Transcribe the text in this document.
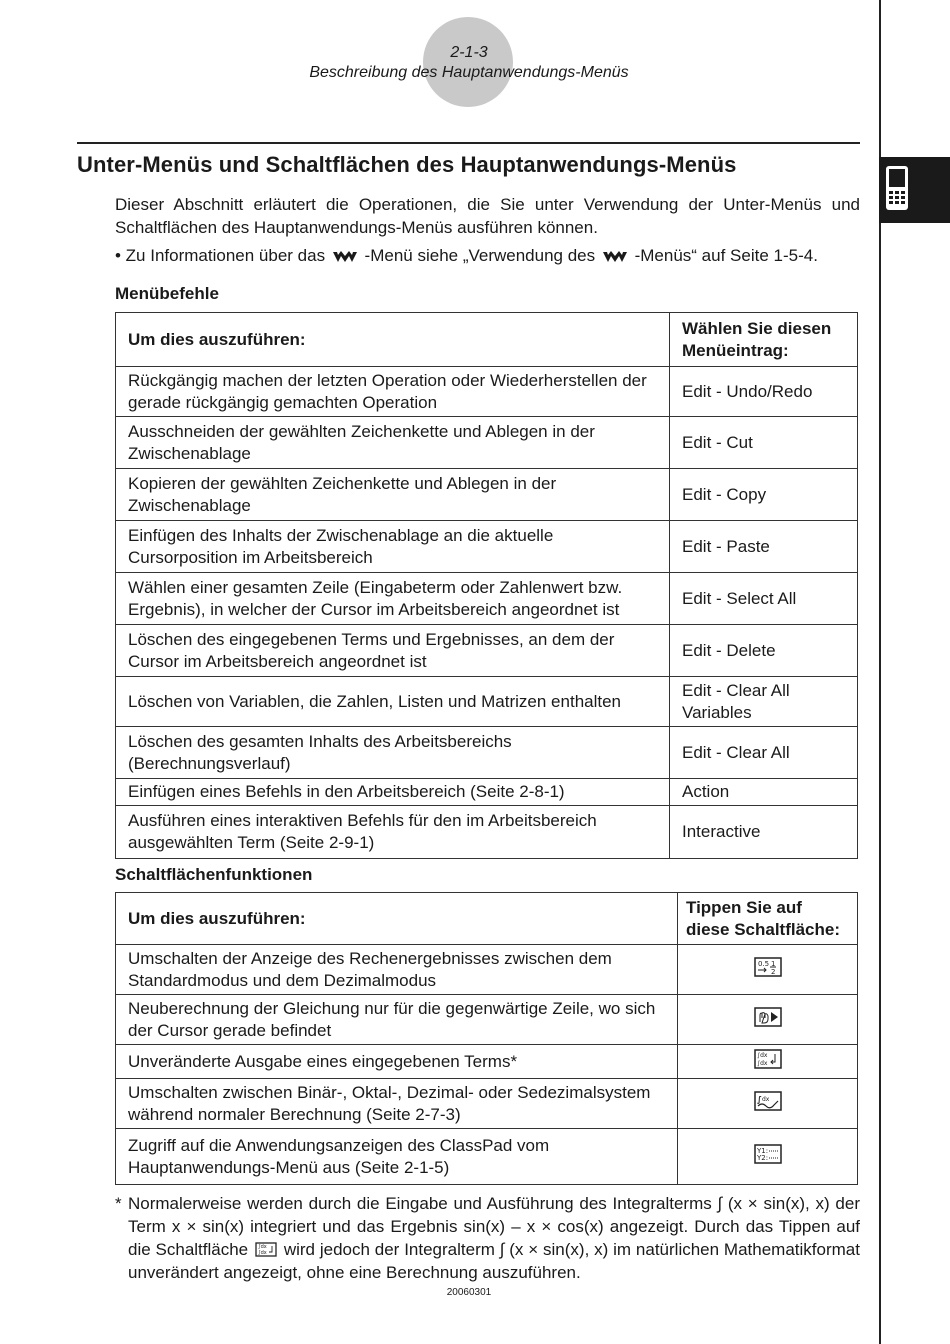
2-1-3
Beschreibung des Hauptanwendungs-Menüs
Unter-Menüs und Schaltflächen des Hauptanwendungs-Menüs

Dieser Abschnitt erläutert die Operationen, die Sie unter Verwendung der Unter-Menüs und Schaltflächen des Hauptanwendungs-Menüs ausführen können.

• Zu Informationen über das -Menü siehe „Verwendung des -Menüs“ auf Seite 1-5-4.

Menübefehle

Um dies auszuführen:	Wählen Sie diesen Menüeintrag:
Rückgängig machen der letzten Operation oder Wiederherstellen der gerade rückgängig gemachten Operation	Edit - Undo/Redo
Ausschneiden der gewählten Zeichenkette und Ablegen in der Zwischenablage	Edit - Cut
Kopieren der gewählten Zeichenkette und Ablegen in der Zwischenablage	Edit - Copy
Einfügen des Inhalts der Zwischenablage an die aktuelle Cursorposition im Arbeitsbereich	Edit - Paste
Wählen einer gesamten Zeile (Eingabeterm oder Zahlenwert bzw. Ergebnis), in welcher der Cursor im Arbeitsbereich angeordnet ist	Edit - Select All
Löschen des eingegebenen Terms und Ergebnisses, an dem der Cursor im Arbeitsbereich angeordnet ist	Edit - Delete
Löschen von Variablen, die Zahlen, Listen und Matrizen enthalten	Edit - Clear All Variables
Löschen des gesamten Inhalts des Arbeitsbereichs (Berechnungsverlauf)	Edit - Clear All
Einfügen eines Befehls in den Arbeitsbereich (Seite 2-8-1)	Action
Ausführen eines interaktiven Befehls für den im Arbeitsbereich ausgewählten Term (Seite 2-9-1)	Interactive

Schaltflächenfunktionen

Um dies auszuführen:	Tippen Sie auf diese Schaltfläche:
Umschalten der Anzeige des Rechenergebnisses zwischen dem Standardmodus und dem Dezimalmodus	0.5 1
2

Neuberechnung der Gleichung nur für die gegenwärtige Zeile, wo sich der Cursor gerade befindet	
Unveränderte Ausgabe eines eingegebenen Terms*	∫dx
∫dx

Umschalten zwischen Binär-, Oktal-, Dezimal- oder Sedezimalsystem während normaler Berechnung (Seite 2-7-3)	∫ dx

Zugriff auf die Anwendungsanzeigen des ClassPad vom Hauptanwendungs-Menü aus (Seite 2-1-5)	Y1:
Y2:

* Normalerweise werden durch die Eingabe und Ausführung des Integralterms ∫ (x × sin(x), x) der Term x × sin(x) integriert und das Ergebnis sin(x) – x × cos(x) angezeigt. Durch das Tippen auf die Schaltfläche ∫dx
∫dx wird jedoch der Integralterm ∫ (x × sin(x), x) im natürlichen Mathematikformat unverändert angezeigt, ohne eine Berechnung auszuführen.

20060301
